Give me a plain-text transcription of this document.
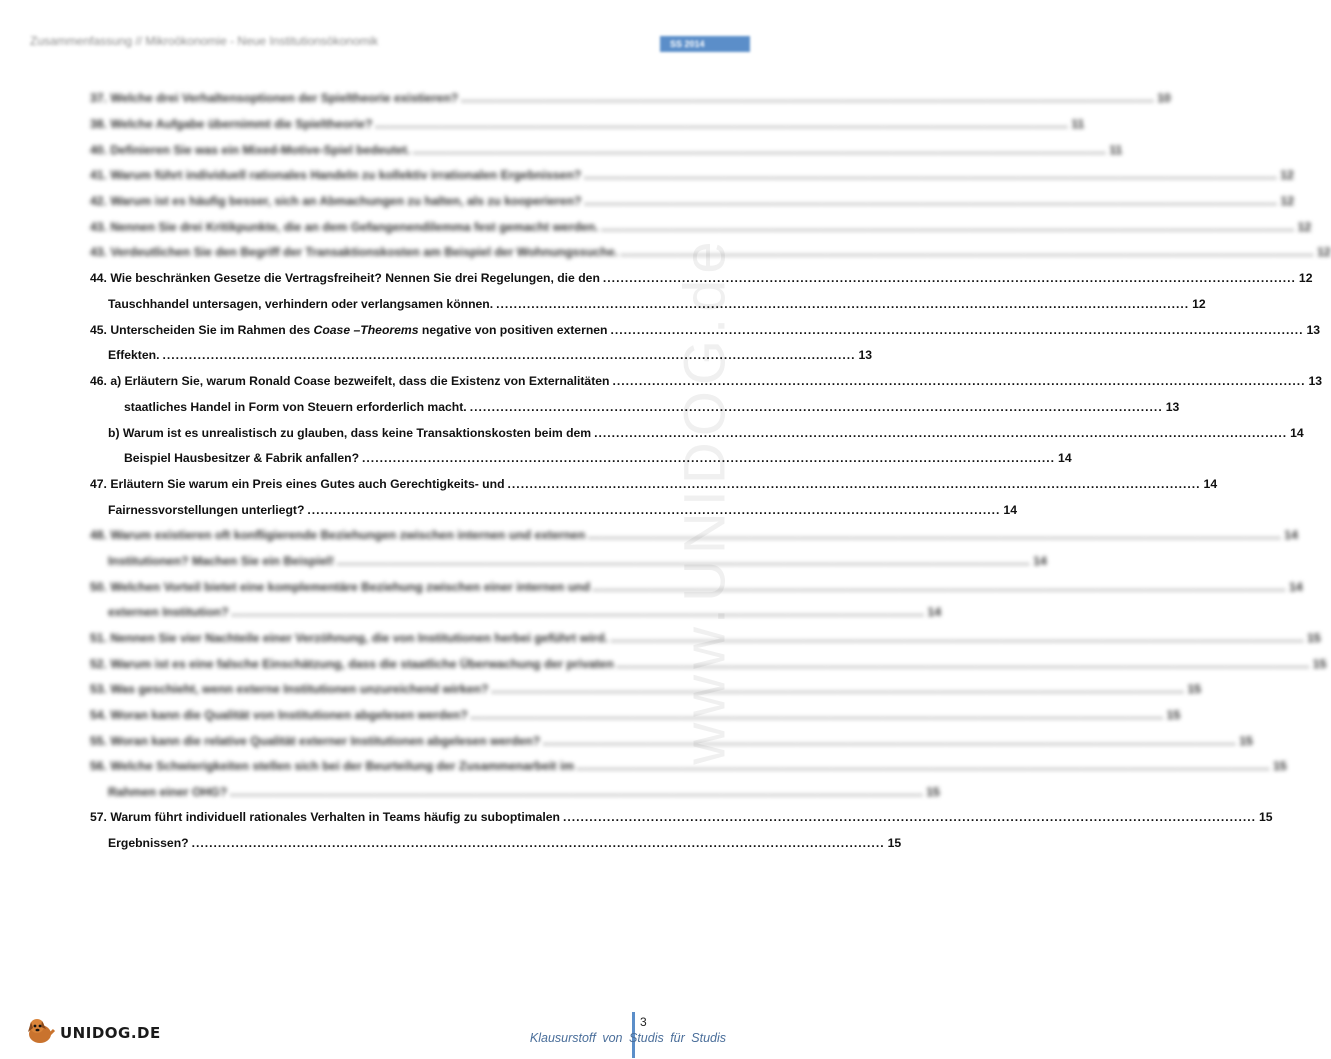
Zusammenfassung // Mikroökonomie - Neue Institutionsökonomik	SS 2014
www.UNIDOG.de
37. Welche drei Verhaltensoptionen der Spieltheorie existieren? .............................................................................................................................................................. 10
38. Welche Aufgabe übernimmt die Spieltheorie? .............................................................................................................................................................. 11
40. Definieren Sie was ein Mixed-Motive-Spiel bedeutet. .............................................................................................................................................................. 11
41. Warum führt individuell rationales Handeln zu kollektiv irrationalen Ergebnissen? .............................................................................................................................................................. 12
42. Warum ist es häufig besser, sich an Abmachungen zu halten, als zu kooperieren? .............................................................................................................................................................. 12
43. Nennen Sie drei Kritikpunkte, die an dem Gefangenendilemma fest gemacht werden. .............................................................................................................................................................. 12
43. Verdeutlichen Sie den Begriff der Transaktionskosten am Beispiel der Wohnungssuche. .............................................................................................................................................................. 12
44. Wie beschränken Gesetze die Vertragsfreiheit? Nennen Sie drei Regelungen, die den .............................................................................................................................................................. 12
Tauschhandel untersagen, verhindern oder verlangsamen können. .............................................................................................................................................................. 12
45. Unterscheiden Sie im Rahmen des Coase –Theorems negative von positiven externen .............................................................................................................................................................. 13
Effekten. .............................................................................................................................................................. 13
46. a) Erläutern Sie, warum Ronald Coase bezweifelt, dass die Existenz von Externalitäten .............................................................................................................................................................. 13
staatliches Handel in Form von Steuern erforderlich macht. .............................................................................................................................................................. 13
b) Warum ist es unrealistisch zu glauben, dass keine Transaktionskosten beim dem .............................................................................................................................................................. 14
Beispiel Hausbesitzer & Fabrik anfallen? .............................................................................................................................................................. 14
47. Erläutern Sie warum ein Preis eines Gutes auch Gerechtigkeits- und .............................................................................................................................................................. 14
Fairnessvorstellungen unterliegt? .............................................................................................................................................................. 14
48. Warum existieren oft konfligierende Beziehungen zwischen internen und externen .............................................................................................................................................................. 14
Institutionen? Machen Sie ein Beispiel! .............................................................................................................................................................. 14
50. Welchen Vorteil bietet eine komplementäre Beziehung zwischen einer internen und .............................................................................................................................................................. 14
externen Institution? .............................................................................................................................................................. 14
51. Nennen Sie vier Nachteile einer Verzöhnung, die von Institutionen herbei geführt wird. .............................................................................................................................................................. 15
52. Warum ist es eine falsche Einschätzung, dass die staatliche Überwachung der privaten .............................................................................................................................................................. 15
53. Was geschieht, wenn externe Institutionen unzureichend wirken? .............................................................................................................................................................. 15
54. Woran kann die Qualität von Institutionen abgelesen werden? .............................................................................................................................................................. 15
55. Woran kann die relative Qualität externer Institutionen abgelesen werden? .............................................................................................................................................................. 15
56. Welche Schwierigkeiten stellen sich bei der Beurteilung der Zusammenarbeit im .............................................................................................................................................................. 15
Rahmen einer OHG? .............................................................................................................................................................. 15
57. Warum führt individuell rationales Verhalten in Teams häufig zu suboptimalen .............................................................................................................................................................. 15
Ergebnissen? .............................................................................................................................................................. 15
UNIDOG.DE
3
Klausurstoff von Studis für Studis
